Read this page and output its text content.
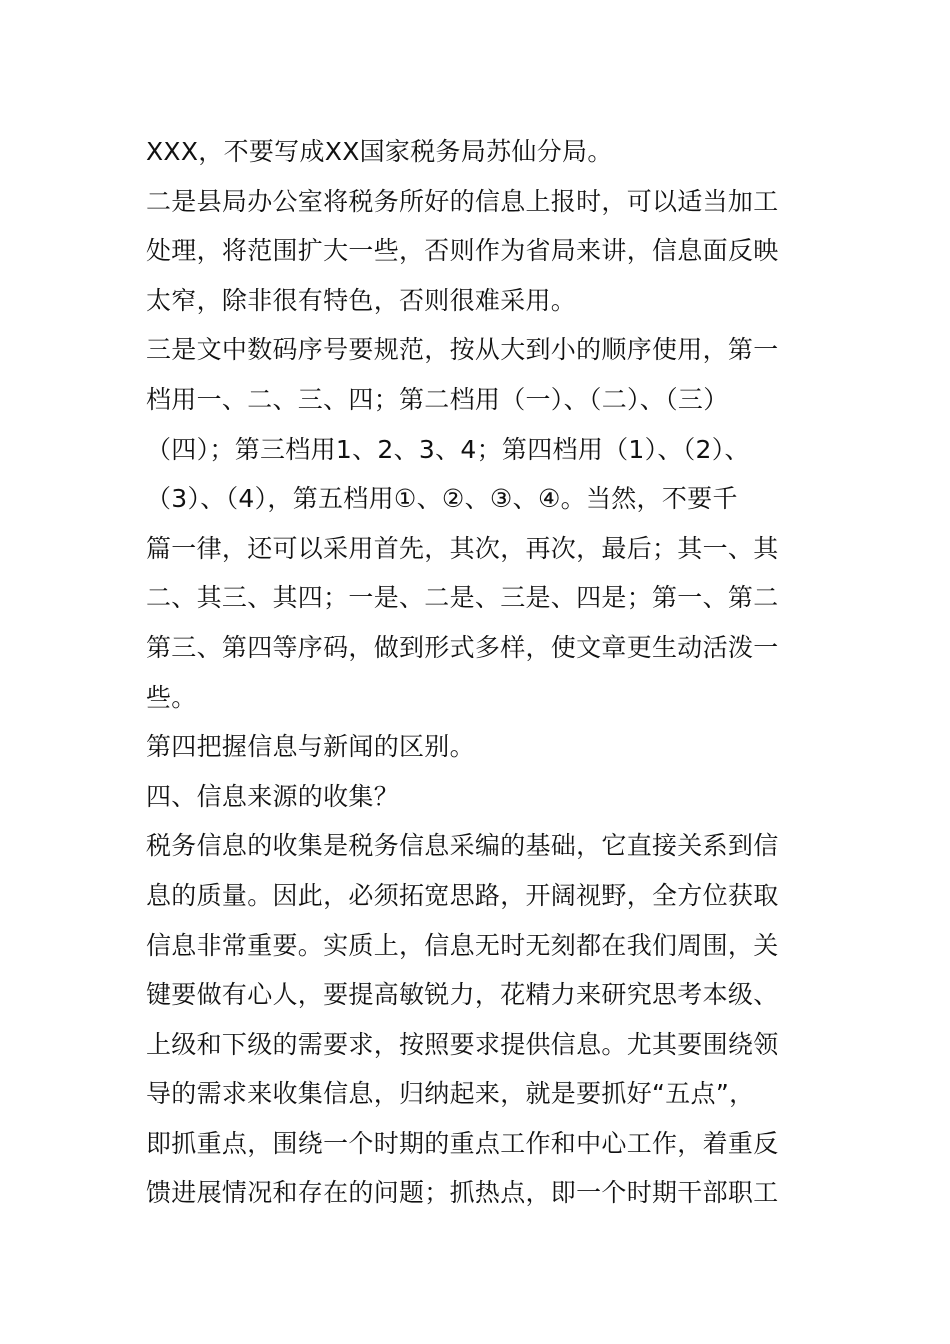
XXX，不要写成XX国家税务局苏仙分局。
二是县局办公室将税务所好的信息上报时，可以适当加工
处理，将范围扩大一些，否则作为省局来讲，信息面反映
太窄，除非很有特色，否则很难采用。
三是文中数码序号要规范，按从大到小的顺序使用，第一
档用一、二、三、四；第二档用（一）、（二）、（三）
（四）；第三档用1、2、3、4；第四档用（1）、（2）、
（3）、（4），第五档用①、②、③、④。当然，不要千
篇一律，还可以采用首先，其次，再次，最后；其一、其
二、其三、其四；一是、二是、三是、四是；第一、第二
第三、第四等序码，做到形式多样，使文章更生动活泼一
些。
第四把握信息与新闻的区别。
四、信息来源的收集？
税务信息的收集是税务信息采编的基础，它直接关系到信
息的质量。因此，必须拓宽思路，开阔视野，全方位获取
信息非常重要。实质上，信息无时无刻都在我们周围，关
键要做有心人，要提高敏锐力，花精力来研究思考本级、
上级和下级的需要求，按照要求提供信息。尤其要围绕领
导的需求来收集信息，归纳起来，就是要抓好“五点”，
即抓重点，围绕一个时期的重点工作和中心工作，着重反
馈进展情况和存在的问题；抓热点，即一个时期干部职工
